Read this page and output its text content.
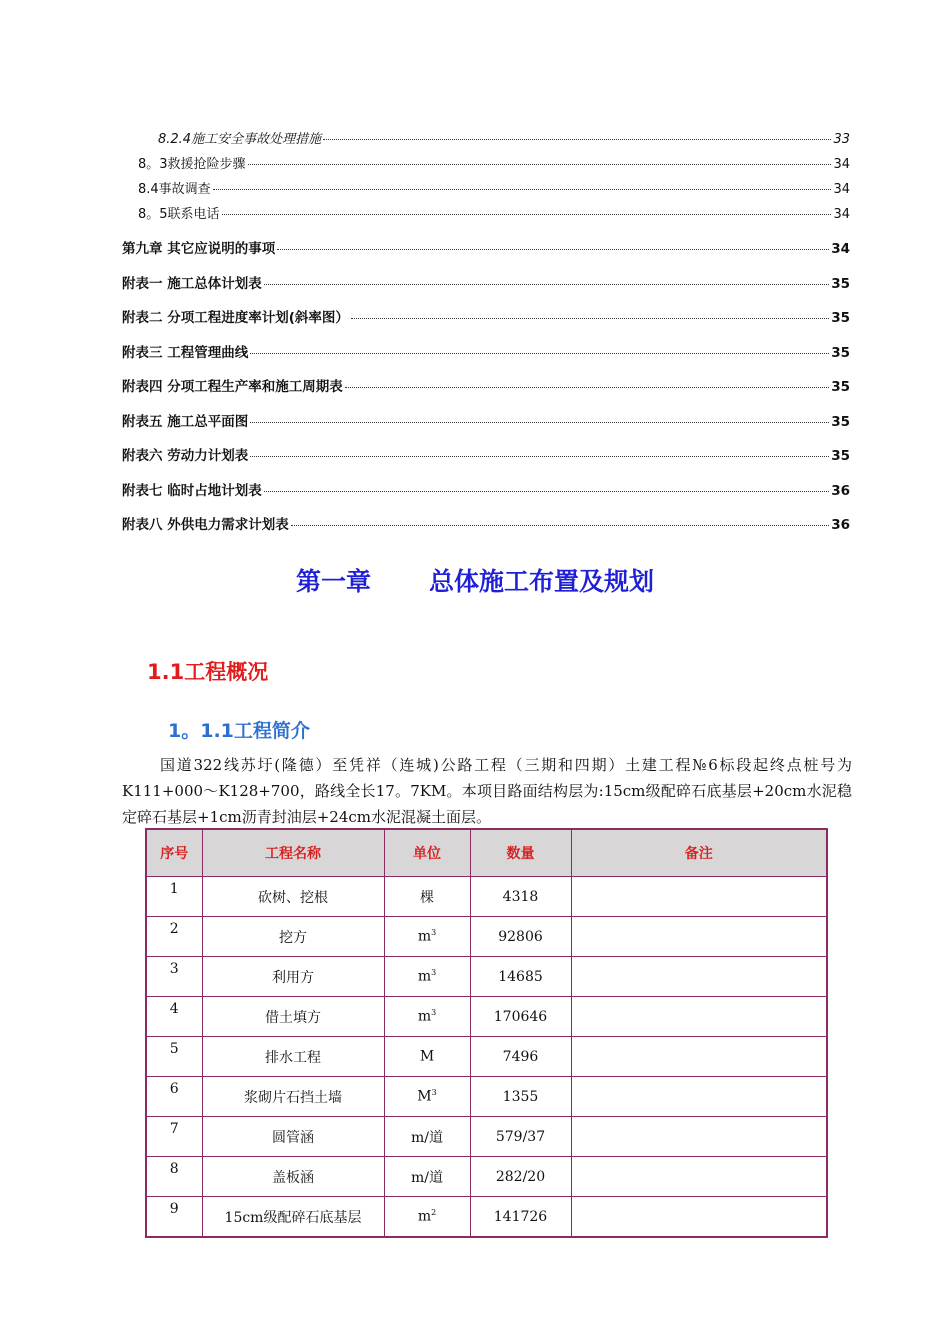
8.2.4施工安全事故处理措施	33
8。3救援抢险步骤	34
8.4事故调查	34
8。5联系电话	34
第九章 其它应说明的事项	34
附表一 施工总体计划表	35
附表二 分项工程进度率计划(斜率图）	35
附表三 工程管理曲线	35
附表四 分项工程生产率和施工周期表	35
附表五 施工总平面图	35
附表六 劳动力计划表	35
附表七 临时占地计划表	36
附表八 外供电力需求计划表	36
第一章 总体施工布置及规划
1.1工程概况
1。1.1工程简介
国道322线苏圩(隆德）至凭祥（连城)公路工程（三期和四期）土建工程№6标段起终点桩号为K111+000～K128+700，路线全长17。7KM。本项目路面结构层为:15cm级配碎石底基层+20cm水泥稳定碎石基层+1cm沥青封油层+24cm水泥混凝土面层。
序号	工程名称	单位	数量	备注
1	砍树、挖根	棵	4318	
2	挖方	$m^3$	92806	
3	利用方	$m^3$	14685	
4	借土填方	$m^3$	170646	
5	排水工程	M	7496	
6	浆砌片石挡土墙	$M^3$	1355	
7	圆管涵	m/道	579/37	
8	盖板涵	m/道	282/20	
9	15cm级配碎石底基层	$m^2$	141726	
